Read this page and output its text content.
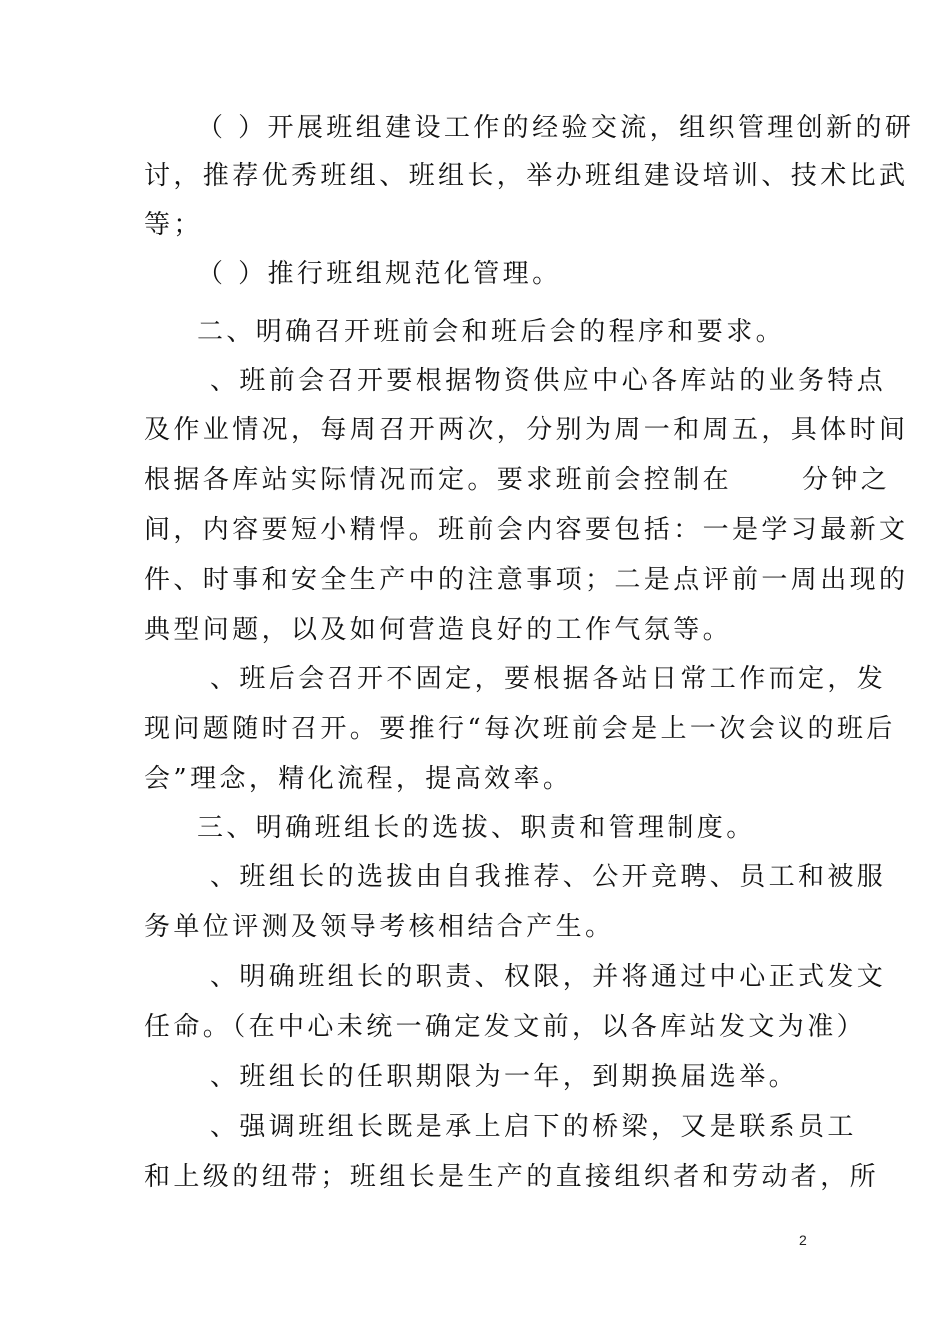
（ ）开展班组建设工作的经验交流，组织管理创新的研
讨，推荐优秀班组、班组长，举办班组建设培训、技术比武
等；
（ ）推行班组规范化管理。
二、明确召开班前会和班后会的程序和要求。
、班前会召开要根据物资供应中心各库站的业务特点
及作业情况，每周召开两次，分别为周一和周五，具体时间
根据各库站实际情况而定。要求班前会控制在      分钟之
间，内容要短小精悍。班前会内容要包括：一是学习最新文
件、时事和安全生产中的注意事项；二是点评前一周出现的
典型问题，以及如何营造良好的工作气氛等。
、班后会召开不固定，要根据各站日常工作而定，发
现问题随时召开。要推行“每次班前会是上一次会议的班后
会”理念，精化流程，提高效率。
三、明确班组长的选拔、职责和管理制度。
、班组长的选拔由自我推荐、公开竞聘、员工和被服
务单位评测及领导考核相结合产生。
、明确班组长的职责、权限，并将通过中心正式发文
任命。（在中心未统一确定发文前，以各库站发文为准）
、班组长的任职期限为一年，到期换届选举。
、强调班组长既是承上启下的桥梁，又是联系员工
和上级的纽带；班组长是生产的直接组织者和劳动者，所
2
